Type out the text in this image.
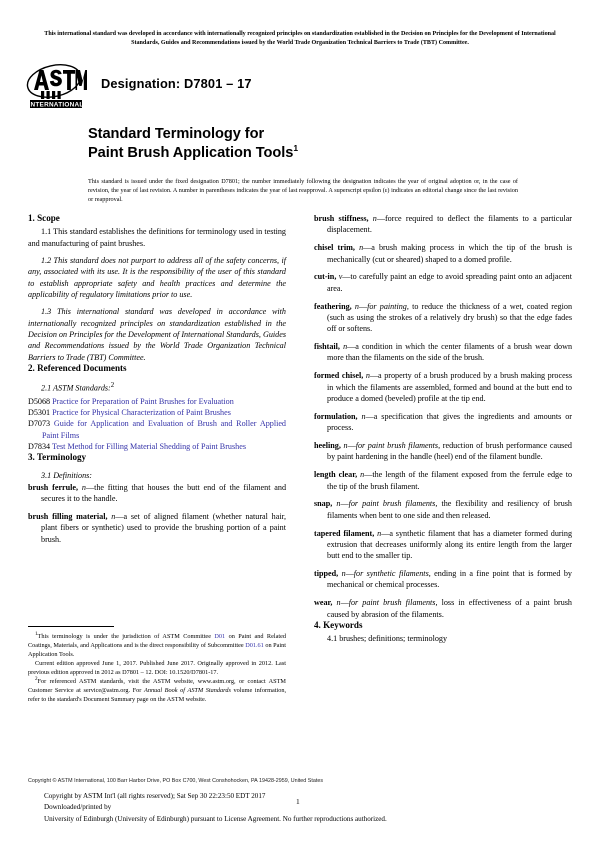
This international standard was developed in accordance with internationally recognized principles on standardization established in the Decision on Principles for the Development of International Standards, Guides and Recommendations issued by the World Trade Organization Technical Barriers to Trade (TBT) Committee.
INTERNATIONAL
Designation: D7801 – 17
Standard Terminology for
Paint Brush Application Tools$^1$
This standard is issued under the fixed designation D7801; the number immediately following the designation indicates the year of original adoption or, in the case of revision, the year of last revision. A number in parentheses indicates the year of last reapproval. A superscript epsilon (ε) indicates an editorial change since the last revision or reapproval.
1. Scope

1.1 This standard establishes the definitions for terminology used in testing and manufacturing of paint brushes.

1.2 This standard does not purport to address all of the safety concerns, if any, associated with its use. It is the responsibility of the user of this standard to establish appropriate safety and health practices and determine the applicability of regulatory limitations prior to use.

1.3 This international standard was developed in accordance with internationally recognized principles on standardization established in the Decision on Principles for the Development of International Standards, Guides and Recommendations issued by the World Trade Organization Technical Barriers to Trade (TBT) Committee.

2. Referenced Documents
2.1 ASTM Standards:$^2$

D5068 Practice for Preparation of Paint Brushes for Evaluation

D5301 Practice for Physical Characterization of Paint Brushes

D7073 Guide for Application and Evaluation of Brush and Roller Applied Paint Films

D7834 Test Method for Filling Material Shedding of Paint Brushes

3. Terminology
3.1 Definitions:

brush ferrule, n—the fitting that houses the butt end of the filament and secures it to the handle.

brush filling material, n—a set of aligned filament (whether natural hair, plant fibers or synthetic) used to provide the brushing portion of a paint brush.

$^1$This terminology is under the jurisdiction of ASTM Committee D01 on Paint and Related Coatings, Materials, and Applications and is the direct responsibility of Subcommittee D01.61 on Paint Application Tools.

Current edition approved June 1, 2017. Published June 2017. Originally approved in 2012. Last previous edition approved in 2012 as D7801 – 12. DOI: 10.1520/D7801-17.

$^2$For referenced ASTM standards, visit the ASTM website, www.astm.org, or contact ASTM Customer Service at service@astm.org. For Annual Book of ASTM Standards volume information, refer to the standard's Document Summary page on the ASTM website.

brush stiffness, n—force required to deflect the filaments to a particular displacement.

chisel trim, n—a brush making process in which the tip of the brush is mechanically (cut or sheared) shaped to a domed profile.

cut-in, v—to carefully paint an edge to avoid spreading paint onto an adjacent area.

feathering, n—for painting, to reduce the thickness of a wet, coated region (such as using the strokes of a relatively dry brush) so that the edge fades off or softens.

fishtail, n—a condition in which the center filaments of a brush wear down more than the filaments on the side of the brush.

formed chisel, n—a property of a brush produced by a brush making process in which the filaments are assembled, formed and bound at the butt end to produce a domed (beveled) profile at the tip end.

formulation, n—a specification that gives the ingredients and amounts or process.

heeling, n—for paint brush filaments, reduction of brush performance caused by paint hardening in the handle (heel) end of the filament bundle.

length clear, n—the length of the filament exposed from the ferrule edge to the tip of the brush filament.

snap, n—for paint brush filaments, the flexibility and resiliency of brush filaments when bent to one side and then released.

tapered filament, n—a synthetic filament that has a diameter formed during extrusion that decreases uniformly along its entire length from the larger butt end to the smaller tip.

tipped, n—for synthetic filaments, ending in a fine point that is formed by mechanical or chemical processes.

wear, n—for paint brush filaments, loss in effectiveness of a paint brush caused by abrasion of the filaments.

4. Keywords

4.1 brushes; definitions; terminology

Copyright © ASTM International, 100 Barr Harbor Drive, PO Box C700, West Conshohocken, PA 19428-2959, United States
Copyright by ASTM Int'l (all rights reserved); Sat Sep 30 22:23:50 EDT 2017
Downloaded/printed by
University of Edinburgh (University of Edinburgh) pursuant to License Agreement. No further reproductions authorized.
1
